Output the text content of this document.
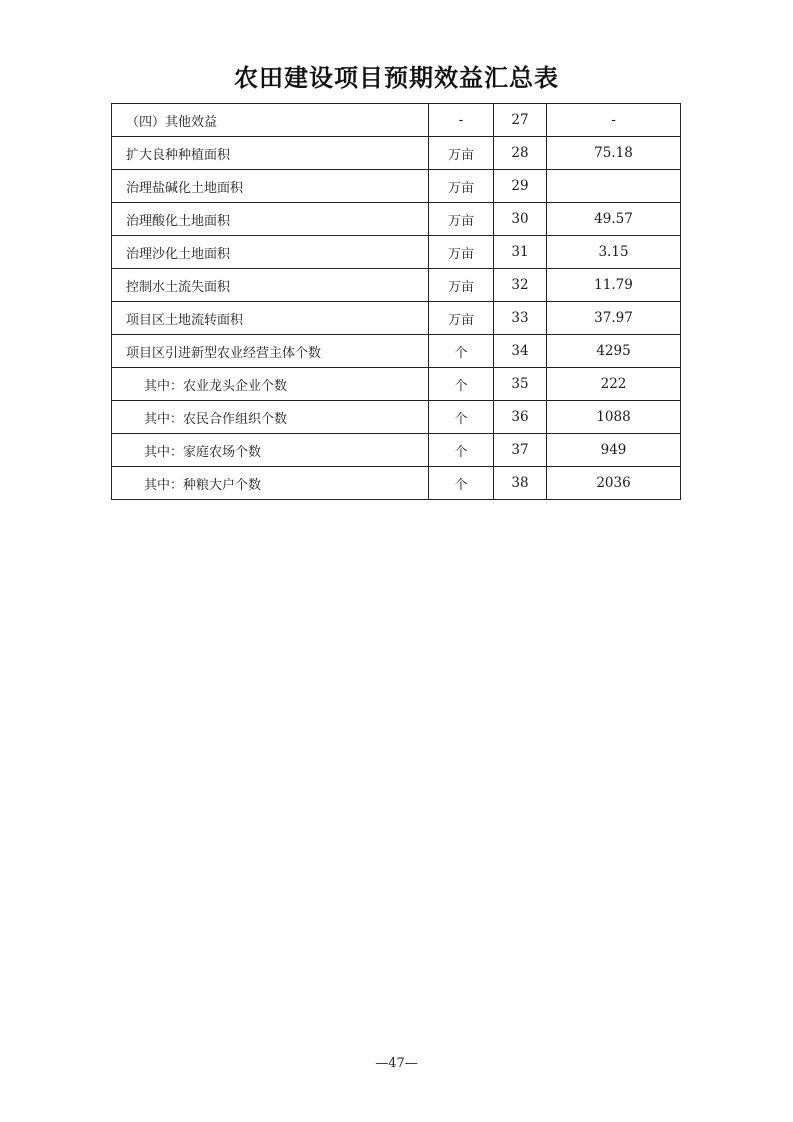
农田建设项目预期效益汇总表
（四）其他效益	-	27	-
扩大良种种植面积	万亩	28	75.18
治理盐碱化土地面积	万亩	29	
治理酸化土地面积	万亩	30	49.57
治理沙化土地面积	万亩	31	3.15
控制水土流失面积	万亩	32	11.79
项目区土地流转面积	万亩	33	37.97
项目区引进新型农业经营主体个数	个	34	4295
其中：农业龙头企业个数	个	35	222
其中：农民合作组织个数	个	36	1088
其中：家庭农场个数	个	37	949
其中：种粮大户个数	个	38	2036
—47—
